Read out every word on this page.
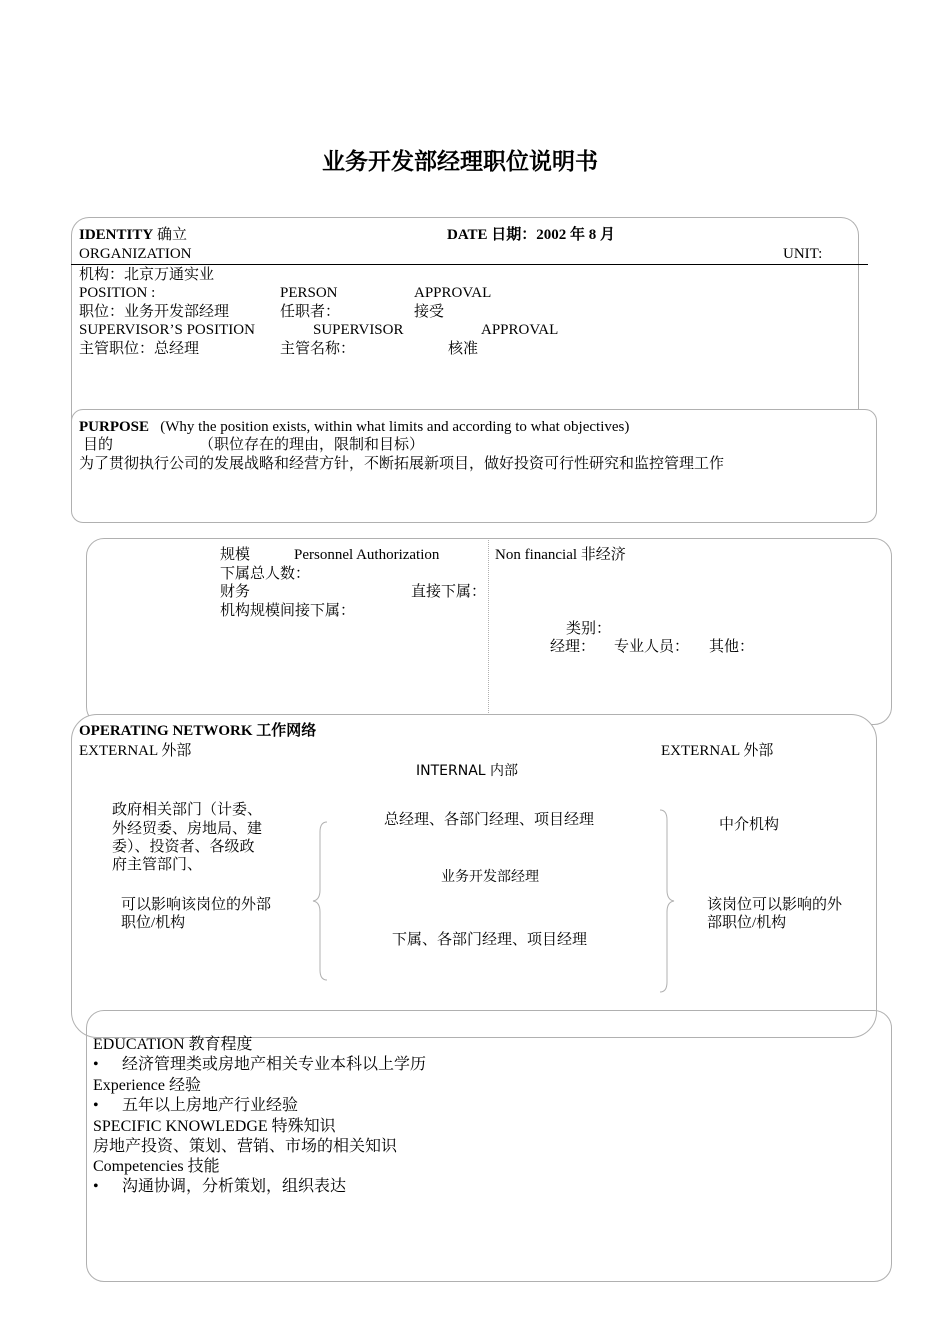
业务开发部经理职位说明书
IDENTITY 确立	DATE 日期：2002 年 8 月
ORGANIZATION	UNIT:
机构：北京万通实业
POSITION :	PERSON	APPROVAL
职位：业务开发部经理	任职者：	接受
SUPERVISOR’S POSITION	SUPERVISOR	APPROVAL
主管职位：总经理	主管名称：	核准
PURPOSE (Why the position exists, within what limits and according to what objectives)
目的	（职位存在的理由，限制和目标）
为了贯彻执行公司的发展战略和经营方针，不断拓展新项目，做好投资可行性研究和监控管理工作
规模	Personnel Authorization	Non financial 非经济
下属总人数：
财务	直接下属：
机构规模间接下属：
类别：
经理： 专业人员： 其他：
OPERATING NETWORK 工作网络
EXTERNAL 外部	EXTERNAL 外部
INTERNAL 内部
政府相关部门（计委、
外经贸委、房地局、建
委）、投资者、各级政
府主管部门、
可以影响该岗位的外部
职位/机构
总经理、各部门经理、项目经理
业务开发部经理
下属、各部门经理、项目经理
中介机构
该岗位可以影响的外
部职位/机构
EDUCATION 教育程度
• 经济管理类或房地产相关专业本科以上学历
Experience 经验
• 五年以上房地产行业经验
SPECIFIC KNOWLEDGE 特殊知识
房地产投资、策划、营销、市场的相关知识
Competencies 技能
• 沟通协调，分析策划，组织表达
